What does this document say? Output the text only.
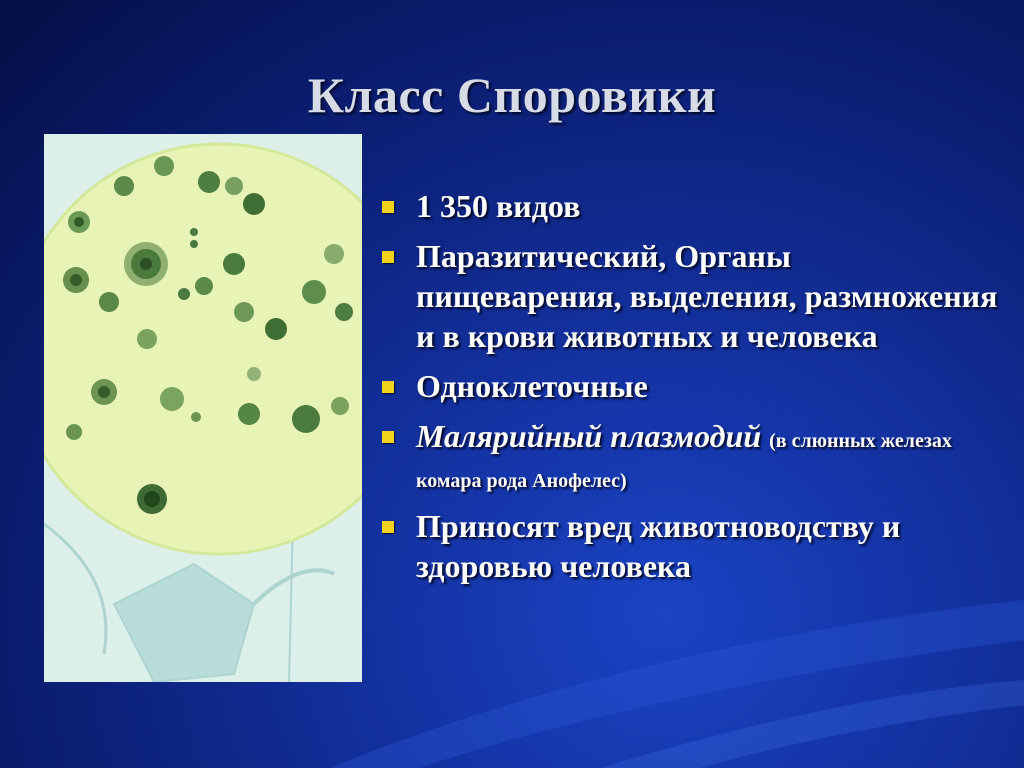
Класс Споровики
1 350 видов
Паразитический, Органы пищеварения, выделения, размножения и в крови животных и человека
Одноклеточные
Малярийный плазмодий (в слюнных железах комара рода Анофелес)
Приносят вред животноводству и здоровью человека
